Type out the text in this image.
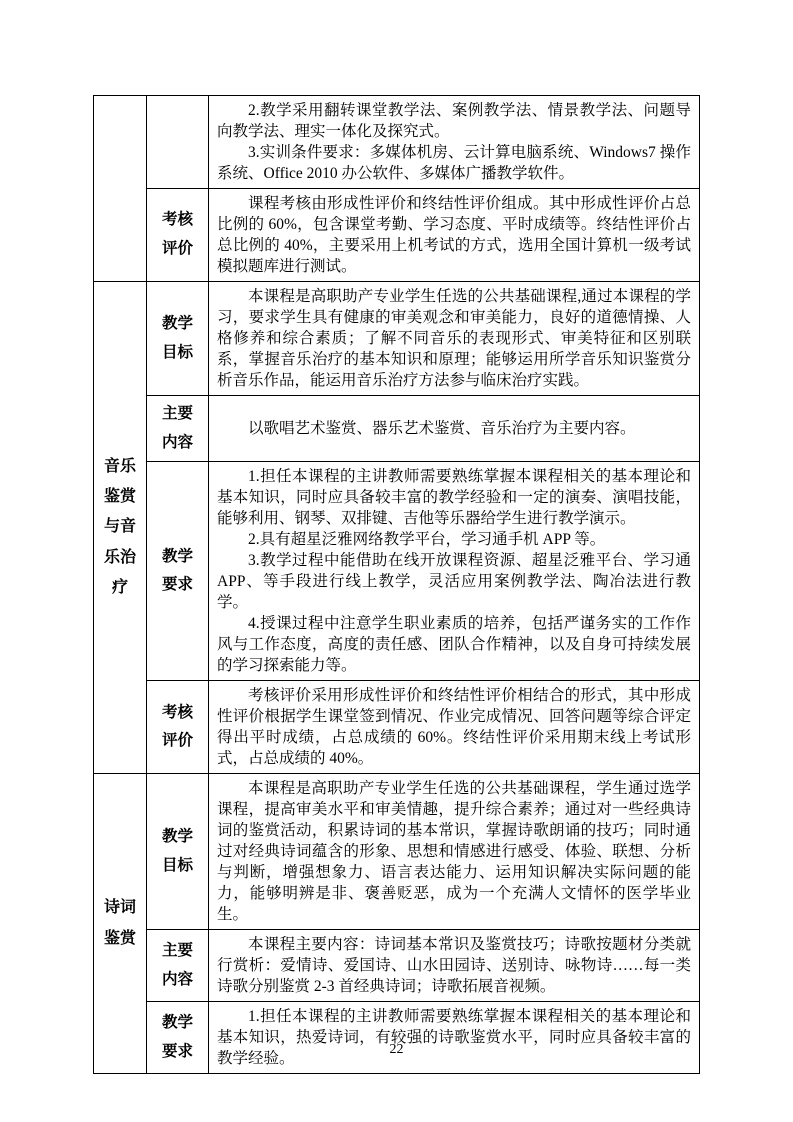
		2.教学采用翻转课堂教学法、案例教学法、情景教学法、问题导向教学法、理实一体化及探究式。

3.实训条件要求：多媒体机房、云计算电脑系统、Windows7 操作系统、Office 2010 办公软件、多媒体广播教学软件。

	考核评价	课程考核由形成性评价和终结性评价组成。其中形成性评价占总比例的 60%，包含课堂考勤、学习态度、平时成绩等。终结性评价占总比例的 40%，主要采用上机考试的方式，选用全国计算机一级考试模拟题库进行测试。

音乐鉴赏与音乐治疗	教学目标	本课程是高职助产专业学生任选的公共基础课程,通过本课程的学习，要求学生具有健康的审美观念和审美能力，良好的道德情操、人格修养和综合素质；了解不同音乐的表现形式、审美特征和区别联系，掌握音乐治疗的基本知识和原理；能够运用所学音乐知识鉴赏分析音乐作品，能运用音乐治疗方法参与临床治疗实践。

	主要内容	以歌唱艺术鉴赏、器乐艺术鉴赏、音乐治疗为主要内容。

	教学要求	1.担任本课程的主讲教师需要熟练掌握本课程相关的基本理论和基本知识，同时应具备较丰富的教学经验和一定的演奏、演唱技能，能够利用、钢琴、双排键、吉他等乐器给学生进行教学演示。

2.具有超星泛雅网络教学平台，学习通手机 APP 等。

3.教学过程中能借助在线开放课程资源、超星泛雅平台、学习通 APP、等手段进行线上教学，灵活应用案例教学法、陶冶法进行教学。

4.授课过程中注意学生职业素质的培养，包括严谨务实的工作作风与工作态度，高度的责任感、团队合作精神，以及自身可持续发展的学习探索能力等。

	考核评价	考核评价采用形成性评价和终结性评价相结合的形式，其中形成性评价根据学生课堂签到情况、作业完成情况、回答问题等综合评定得出平时成绩，占总成绩的 60%。终结性评价采用期末线上考试形式，占总成绩的 40%。

诗词鉴赏	教学目标	本课程是高职助产专业学生任选的公共基础课程，学生通过选学课程，提高审美水平和审美情趣，提升综合素养；通过对一些经典诗词的鉴赏活动，积累诗词的基本常识，掌握诗歌朗诵的技巧；同时通过对经典诗词蕴含的形象、思想和情感进行感受、体验、联想、分析与判断，增强想象力、语言表达能力、运用知识解决实际问题的能力，能够明辨是非、褒善贬恶，成为一个充满人文情怀的医学毕业生。

	主要内容	本课程主要内容：诗词基本常识及鉴赏技巧；诗歌按题材分类就行赏析：爱情诗、爱国诗、山水田园诗、送别诗、咏物诗……每一类诗歌分别鉴赏 2-3 首经典诗词；诗歌拓展音视频。

	教学要求	1.担任本课程的主讲教师需要熟练掌握本课程相关的基本理论和基本知识，热爱诗词，有较强的诗歌鉴赏水平，同时应具备较丰富的教学经验。

22
